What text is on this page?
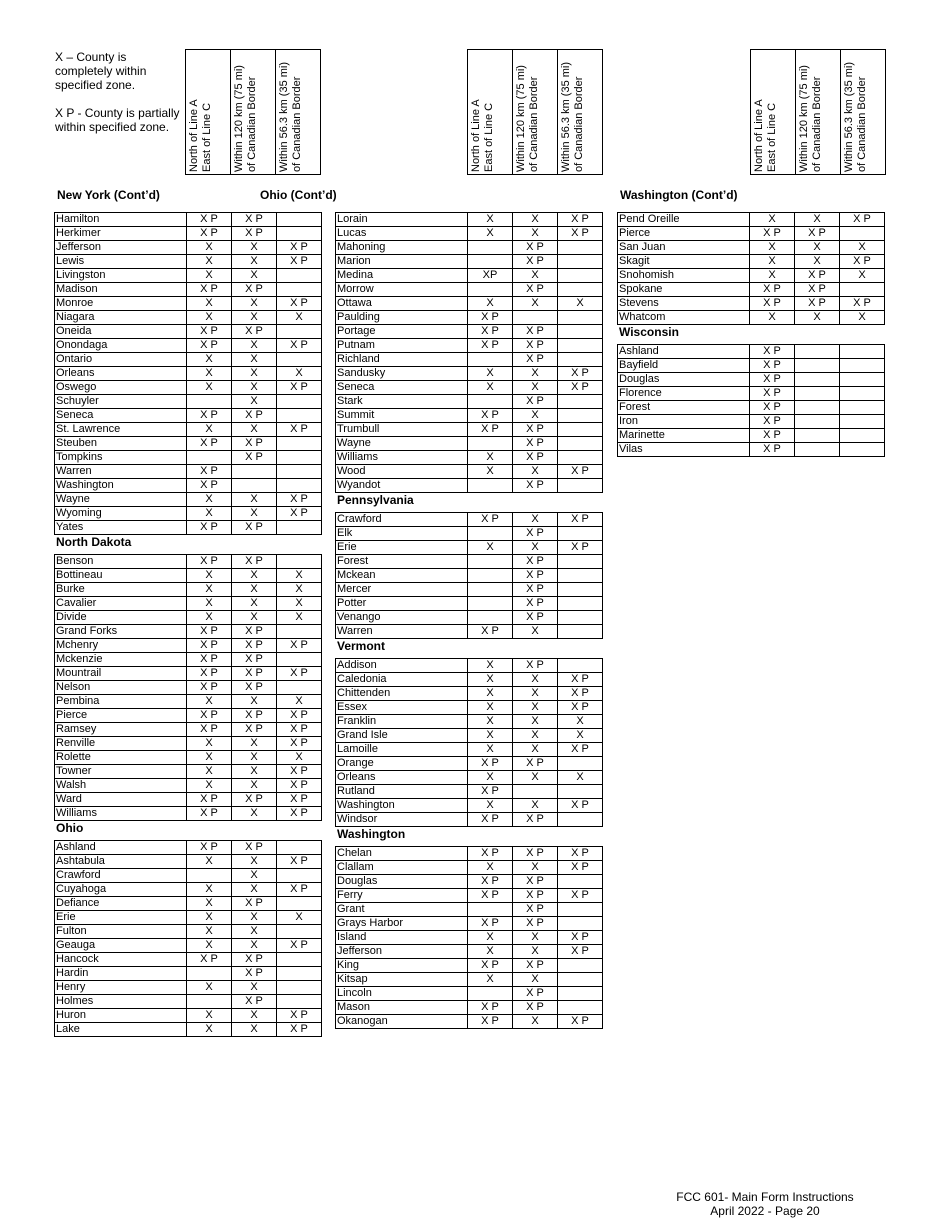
X – County is completely within specified zone.

X P - County is partially within specified zone.

North of Line A
East of Line C
Within 120 km (75 mi)
of Canadian Border
Within 56.3 km (35 mi)
of Canadian Border
North of Line A
East of Line C
Within 120 km (75 mi)
of Canadian Border
Within 56.3 km (35 mi)
of Canadian Border
North of Line A
East of Line C
Within 120 km (75 mi)
of Canadian Border
Within 56.3 km (35 mi)
of Canadian Border
New York (Cont’d)	Ohio (Cont’d)	Washington (Cont’d)
Hamilton	X P	X P	
Herkimer	X P	X P	
Jefferson	X	X	X P
Lewis	X	X	X P
Livingston	X	X	
Madison	X P	X P	
Monroe	X	X	X P
Niagara	X	X	X
Oneida	X P	X P	
Onondaga	X P	X	X P
Ontario	X	X	
Orleans	X	X	X
Oswego	X	X	X P
Schuyler		X	
Seneca	X P	X P	
St. Lawrence	X	X	X P
Steuben	X P	X P	
Tompkins		X P	
Warren	X P		
Washington	X P		
Wayne	X	X	X P
Wyoming	X	X	X P
Yates	X P	X P	
North Dakota
Benson	X P	X P	
Bottineau	X	X	X
Burke	X	X	X
Cavalier	X	X	X
Divide	X	X	X
Grand Forks	X P	X P	
Mchenry	X P	X P	X P
Mckenzie	X P	X P	
Mountrail	X P	X P	X P
Nelson	X P	X P	
Pembina	X	X	X
Pierce	X P	X P	X P
Ramsey	X P	X P	X P
Renville	X	X	X P
Rolette	X	X	X
Towner	X	X	X P
Walsh	X	X	X P
Ward	X P	X P	X P
Williams	X P	X	X P
Ohio
Ashland	X P	X P	
Ashtabula	X	X	X P
Crawford		X	
Cuyahoga	X	X	X P
Defiance	X	X P	
Erie	X	X	X
Fulton	X	X	
Geauga	X	X	X P
Hancock	X P	X P	
Hardin		X P	
Henry	X	X	
Holmes		X P	
Huron	X	X	X P
Lake	X	X	X P
Lorain	X	X	X P
Lucas	X	X	X P
Mahoning		X P	
Marion		X P	
Medina	XP	X	
Morrow		X P	
Ottawa	X	X	X
Paulding	X P		
Portage	X P	X P	
Putnam	X P	X P	
Richland		X P	
Sandusky	X	X	X P
Seneca	X	X	X P
Stark		X P	
Summit	X P	X	
Trumbull	X P	X P	
Wayne		X P	
Williams	X	X P	
Wood	X	X	X P
Wyandot		X P	
Pennsylvania
Crawford	X P	X	X P
Elk		X P	
Erie	X	X	X P
Forest		X P	
Mckean		X P	
Mercer		X P	
Potter		X P	
Venango		X P	
Warren	X P	X	
Vermont
Addison	X	X P	
Caledonia	X	X	X P
Chittenden	X	X	X P
Essex	X	X	X P
Franklin	X	X	X
Grand Isle	X	X	X
Lamoille	X	X	X P
Orange	X P	X P	
Orleans	X	X	X
Rutland	X P		
Washington	X	X	X P
Windsor	X P	X P	
Washington
Chelan	X P	X P	X P
Clallam	X	X	X P
Douglas	X P	X P	
Ferry	X P	X P	X P
Grant		X P	
Grays Harbor	X P	X P	
Island	X	X	X P
Jefferson	X	X	X P
King	X P	X P	
Kitsap	X	X	
Lincoln		X P	
Mason	X P	X P	
Okanogan	X P	X	X P
Pend Oreille	X	X	X P
Pierce	X P	X P	
San Juan	X	X	X
Skagit	X	X	X P
Snohomish	X	X P	X
Spokane	X P	X P	
Stevens	X P	X P	X P
Whatcom	X	X	X
Wisconsin
Ashland	X P		
Bayfield	X P		
Douglas	X P		
Florence	X P		
Forest	X P		
Iron	X P		
Marinette	X P		
Vilas	X P		
FCC 601- Main Form Instructions
April 2022 - Page 20
